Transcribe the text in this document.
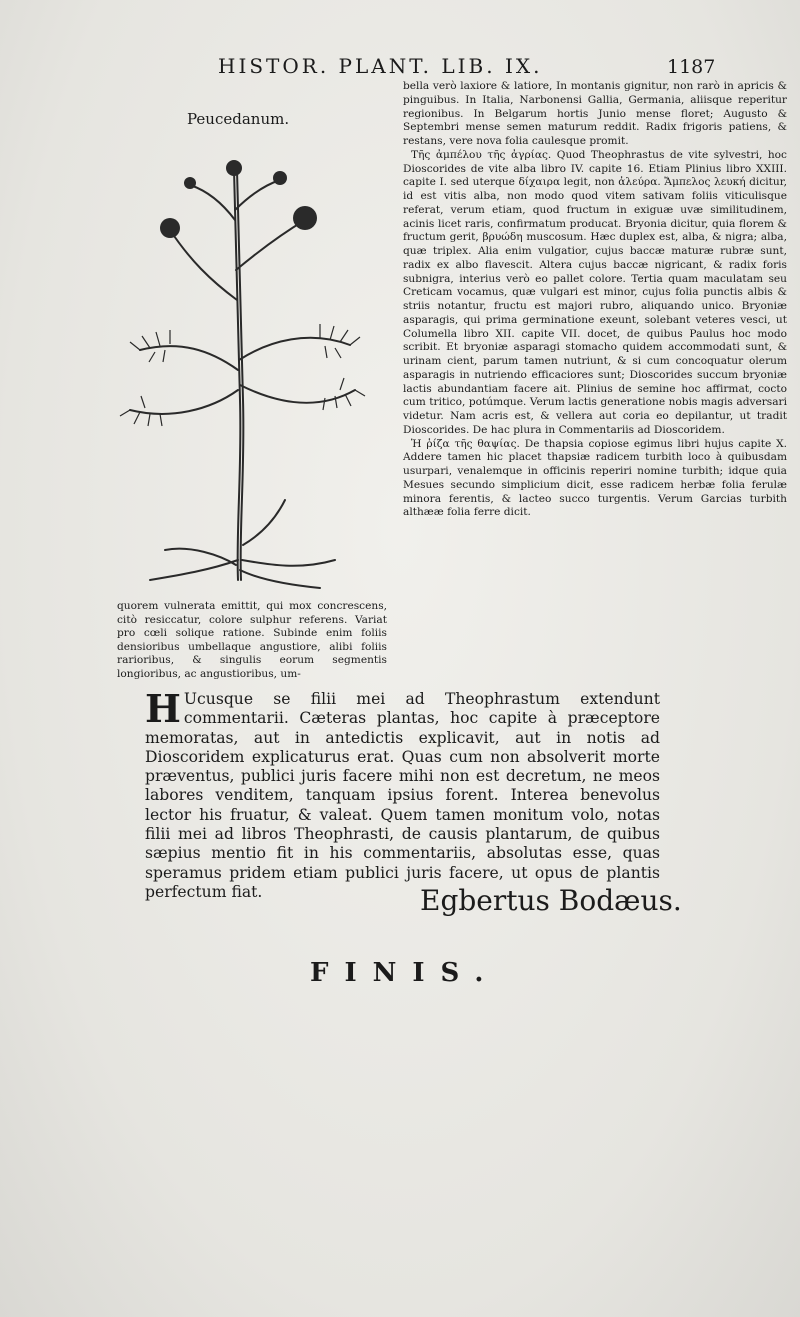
HISTOR. PLANT. LIB. IX.	1187
Peucedanum.

bella verò laxiore & latiore, In montanis gignitur, non rarò in apricis & pinguibus. In Italia, Narbonensi Gallia, Germania, aliisque reperitur regionibus. In Belgarum hortis Junio mense floret; Augusto & Septembri mense semen maturum reddit. Radix frigoris patiens, & restans, vere nova folia caulesque promit.

Τῆς ἀμπέλου τῆς ἀγρίας. Quod Theophrastus de vite sylvestri, hoc Dioscorides de vite alba libro IV. capite 16. Etiam Plinius libro XXIII. capite I. sed uterque δίχαιρα legit, non ἀλεύρα. Ἄμπελος λευκή dicitur, id est vitis alba, non modo quod vitem sativam foliis viticulisque referat, verum etiam, quod fructum in exiguæ uvæ similitudinem, acinis licet raris, confirmatum producat. Bryonia dicitur, quia florem & fructum gerit, βρυώδη muscosum. Hæc duplex est, alba, & nigra; alba, quæ triplex. Alia enim vulgatior, cujus baccæ maturæ rubræ sunt, radix ex albo flavescit. Altera cujus baccæ nigricant, & radix foris subnigra, interius verò eo pallet colore. Tertia quam maculatam seu Creticam vocamus, quæ vulgari est minor, cujus folia punctis albis & striis notantur, fructu est majori rubro, aliquando unico. Bryoniæ asparagis, qui prima germinatione exeunt, solebant veteres vesci, ut Columella libro XII. capite VII. docet, de quibus Paulus hoc modo scribit. Et bryoniæ asparagi stomacho quidem accommodati sunt, & urinam cient, parum tamen nutriunt, & si cum concoquatur olerum asparagis in nutriendo efficaciores sunt; Dioscorides succum bryoniæ lactis abundantiam facere ait. Plinius de semine hoc affirmat, cocto cum tritico, potúmque. Verum lactis generatione nobis magis adversari videtur. Nam acris est, & vellera aut coria eo depilantur, ut tradit Dioscorides. De hac plura in Commentariis ad Dioscoridem.

Ἡ ῥίζα τῆς θαψίας. De thapsia copiose egimus libri hujus capite X. Addere tamen hic placet thapsiæ radicem turbith loco à quibusdam usurpari, venalemque in officinis reperiri nomine turbith; idque quia Mesues secundo simplicium dicit, esse radicem herbæ folia ferulæ minora ferentis, & lacteo succo turgentis. Verum Garcias turbith althææ folia ferre dicit.

quorem vulnerata emittit, qui mox concrescens, citò resiccatur, colore sulphur referens. Variat pro cœli solique ratione. Subinde enim foliis densioribus umbellaque angustiore, alibi foliis rarioribus, & singulis eorum segmentis longioribus, ac angustioribus, um-
H Ucusque se filii mei ad Theophrastum extendunt commentarii. Cæteras plantas, hoc capite à præceptore memoratas, aut in antedictis explicavit, aut in notis ad Dioscoridem explicaturus erat. Quas cum non absolverit morte præventus, publici juris facere mihi non est decretum, ne meos labores venditem, tanquam ipsius forent. Interea benevolus lector his fruatur, & valeat. Quem tamen monitum volo, notas filii mei ad libros Theophrasti, de causis plantarum, de quibus sæpius mentio fit in his commentariis, absolutas esse, quas speramus pridem etiam publici juris facere, ut opus de plantis perfectum fiat.	Egbertus Bodæus.
FINIS.
